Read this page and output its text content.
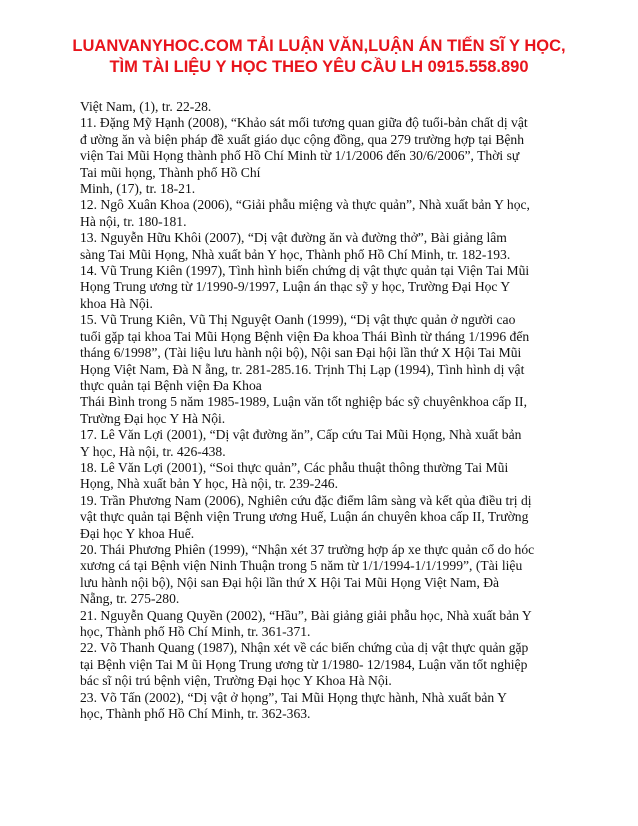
LUANVANYHOC.COM TẢI LUẬN VĂN,LUẬN ÁN TIẾN SĨ Y HỌC,
TÌM TÀI LIỆU Y HỌC THEO YÊU CẦU LH 0915.558.890
Việt Nam, (1), tr. 22-28.
11. Đặng Mỹ Hạnh (2008), “Khảo sát mối tương quan giữa độ tuổi-bản chất dị vật
đ ường ăn và biện pháp đề xuất giáo dục cộng đồng, qua 279 trường hợp tại Bệnh
viện Tai Mũi Họng thành phố Hồ Chí Minh từ 1/1/2006 đến 30/6/2006”, Thời sự
Tai mũi họng, Thành phố Hồ Chí
Minh, (17), tr. 18-21.
12. Ngô Xuân Khoa (2006), “Giải phẫu miệng và thực quản”, Nhà xuất bản Y học,
Hà nội, tr. 180-181.
13. Nguyễn Hữu Khôi (2007), “Dị vật đường ăn và đường thở”, Bài giảng lâm
sàng Tai Mũi Họng, Nhà xuất bản Y học, Thành phố Hồ Chí Minh, tr. 182-193.
14. Vũ Trung Kiên (1997), Tình hình biến chứng dị vật thực quản tại Viện Tai Mũi
Họng Trung ương từ 1/1990-9/1997, Luận án thạc sỹ y học, Trường Đại Học Y
khoa Hà Nội.
15. Vũ Trung Kiên, Vũ Thị Nguyệt Oanh (1999), “Dị vật thực quản ở người cao
tuổi gặp tại khoa Tai Mũi Họng Bệnh viện Đa khoa Thái Bình từ tháng 1/1996 đến
tháng 6/1998”, (Tài liệu lưu hành nội bộ), Nội san Đại hội lần thứ X Hội Tai Mũi
Họng Việt Nam, Đà N ẵng, tr. 281-285.16. Trịnh Thị Lạp (1994), Tình hình dị vật
thực quản tại Bệnh viện Đa Khoa
Thái Bình trong 5 năm 1985-1989, Luận văn tốt nghiệp bác sỹ chuyênkhoa cấp II,
Trường Đại học Y Hà Nội.
17. Lê Văn Lợi (2001), “Dị vật đường ăn”, Cấp cứu Tai Mũi Họng, Nhà xuất bản
Y học, Hà nội, tr. 426-438.
18. Lê Văn Lợi (2001), “Soi thực quản”, Các phẫu thuật thông thường Tai Mũi
Họng, Nhà xuất bản Y học, Hà nội, tr. 239-246.
19. Trần Phương Nam (2006), Nghiên cứu đặc điểm lâm sàng và kết qủa điều trị dị
vật thực quản tại Bệnh viện Trung ương Huế, Luận án chuyên khoa cấp II, Trường
Đại học Y khoa Huế.
20. Thái Phương Phiên (1999), “Nhận xét 37 trường hợp áp xe thực quản cổ do hóc
xương cá tại Bệnh viện Ninh Thuận trong 5 năm từ 1/1/1994-1/1/1999”, (Tài liệu
lưu hành nội bộ), Nội san Đại hội lần thứ X Hội Tai Mũi Họng Việt Nam, Đà
Nẵng, tr. 275-280.
21. Nguyễn Quang Quyền (2002), “Hầu”, Bài giảng giải phẫu học, Nhà xuất bản Y
học, Thành phố Hồ Chí Minh, tr. 361-371.
22. Võ Thanh Quang (1987), Nhận xét về các biến chứng của dị vật thực quản gặp
tại Bệnh viện Tai M ũi Họng Trung ương từ 1/1980- 12/1984, Luận văn tốt nghiệp
bác sĩ nội trú bệnh viện, Trường Đại học Y Khoa Hà Nội.
23. Võ Tấn (2002), “Dị vật ở họng”, Tai Mũi Họng thực hành, Nhà xuất bản Y
học, Thành phố Hồ Chí Minh, tr. 362-363.
